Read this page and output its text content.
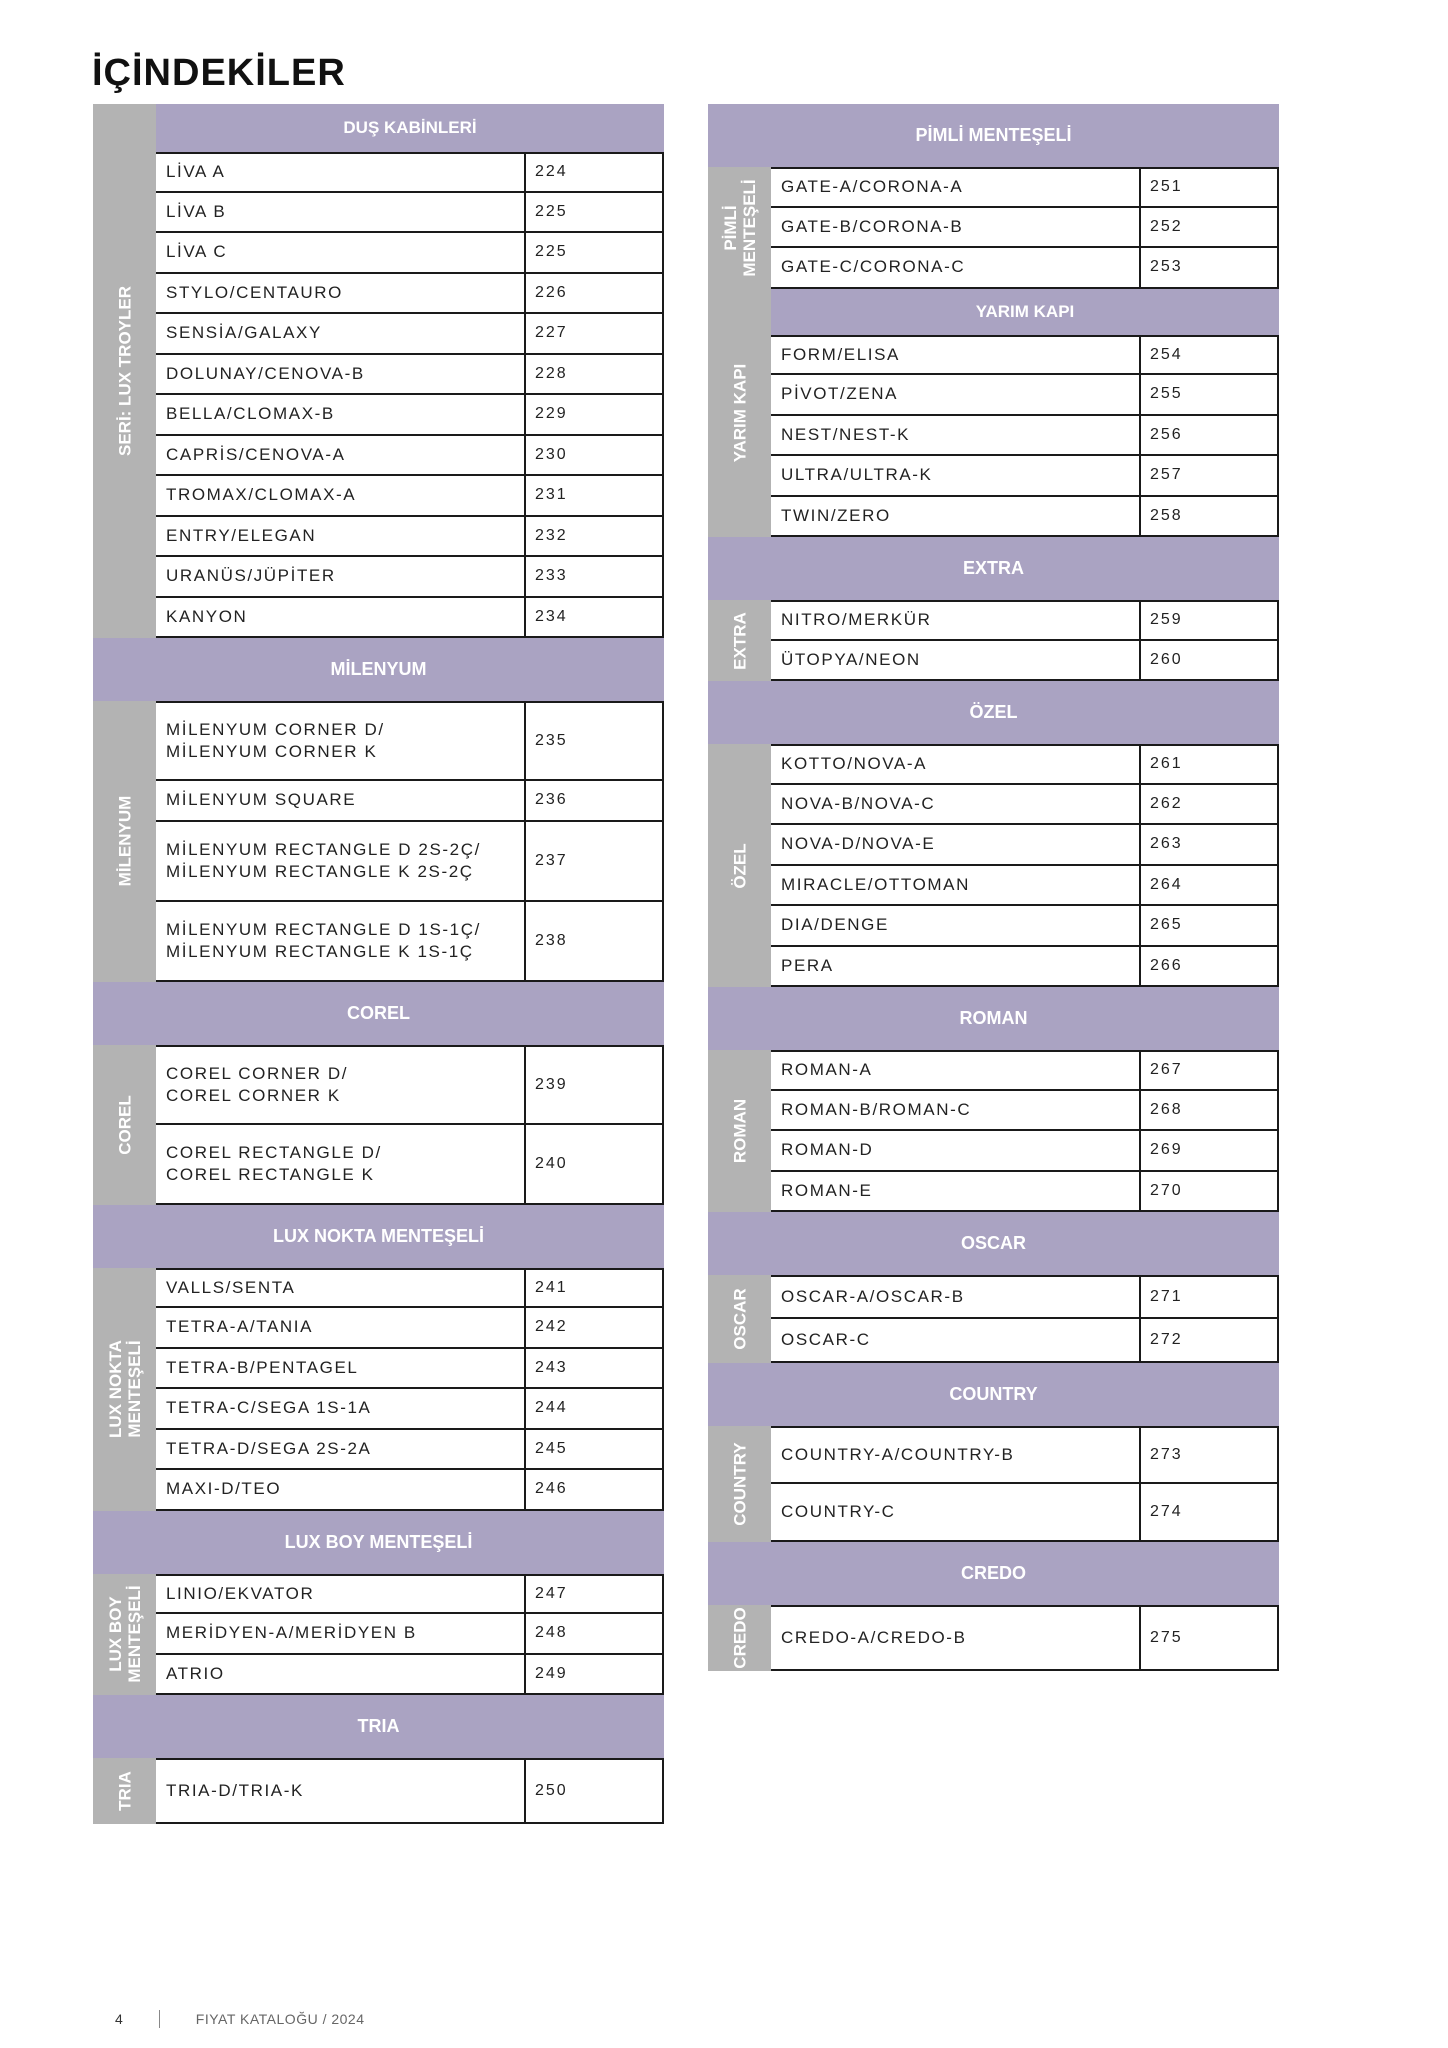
İÇİNDEKİLER
SERİ: LUX TROYLER
DUŞ KABİNLERİ
LİVA A	224
LİVA B	225
LİVA C	225
STYLO/CENTAURO	226
SENSİA/GALAXY	227
DOLUNAY/CENOVA-B	228
BELLA/CLOMAX-B	229
CAPRİS/CENOVA-A	230
TROMAX/CLOMAX-A	231
ENTRY/ELEGAN	232
URANÜS/JÜPİTER	233
KANYON	234
MİLENYUM
MİLENYUM
MİLENYUM CORNER D/
MİLENYUM CORNER K
235
MİLENYUM SQUARE	236
MİLENYUM RECTANGLE D 2S-2Ç/
MİLENYUM RECTANGLE K 2S-2Ç
237
MİLENYUM RECTANGLE D 1S-1Ç/
MİLENYUM RECTANGLE K 1S-1Ç
238
COREL
COREL
COREL CORNER D/
COREL CORNER K
239
COREL RECTANGLE D/
COREL RECTANGLE K
240
LUX NOKTA MENTEŞELİ
LUX NOKTA
MENTEŞELİ
VALLS/SENTA	241
TETRA-A/TANIA	242
TETRA-B/PENTAGEL	243
TETRA-C/SEGA 1S-1A	244
TETRA-D/SEGA 2S-2A	245
MAXI-D/TEO	246
LUX BOY MENTEŞELİ
LUX BOY
MENTEŞELİ	LINIO/EKVATOR	247
MERİDYEN-A/MERİDYEN B	248
ATRIO	249
TRIA
TRIA	TRIA-D/TRIA-K	250
PİMLİ MENTEŞELİ
PİMLİ
MENTEŞELİ	GATE-A/CORONA-A	251
GATE-B/CORONA-B	252
GATE-C/CORONA-C	253
YARIM KAPI
YARIM KAPI
FORM/ELISA	254
PİVOT/ZENA	255
NEST/NEST-K	256
ULTRA/ULTRA-K	257
TWIN/ZERO	258
EXTRA
EXTRA	NITRO/MERKÜR	259
ÜTOPYA/NEON	260
ÖZEL
ÖZEL
KOTTO/NOVA-A	261
NOVA-B/NOVA-C	262
NOVA-D/NOVA-E	263
MIRACLE/OTTOMAN	264
DIA/DENGE	265
PERA	266
ROMAN
ROMAN
ROMAN-A	267
ROMAN-B/ROMAN-C	268
ROMAN-D	269
ROMAN-E	270
OSCAR
OSCAR	OSCAR-A/OSCAR-B	271
OSCAR-C	272
COUNTRY
COUNTRY	COUNTRY-A/COUNTRY-B	273
COUNTRY-C	274
CREDO
CREDO	CREDO-A/CREDO-B	275
4	FIYAT KATALOĞU / 2024
